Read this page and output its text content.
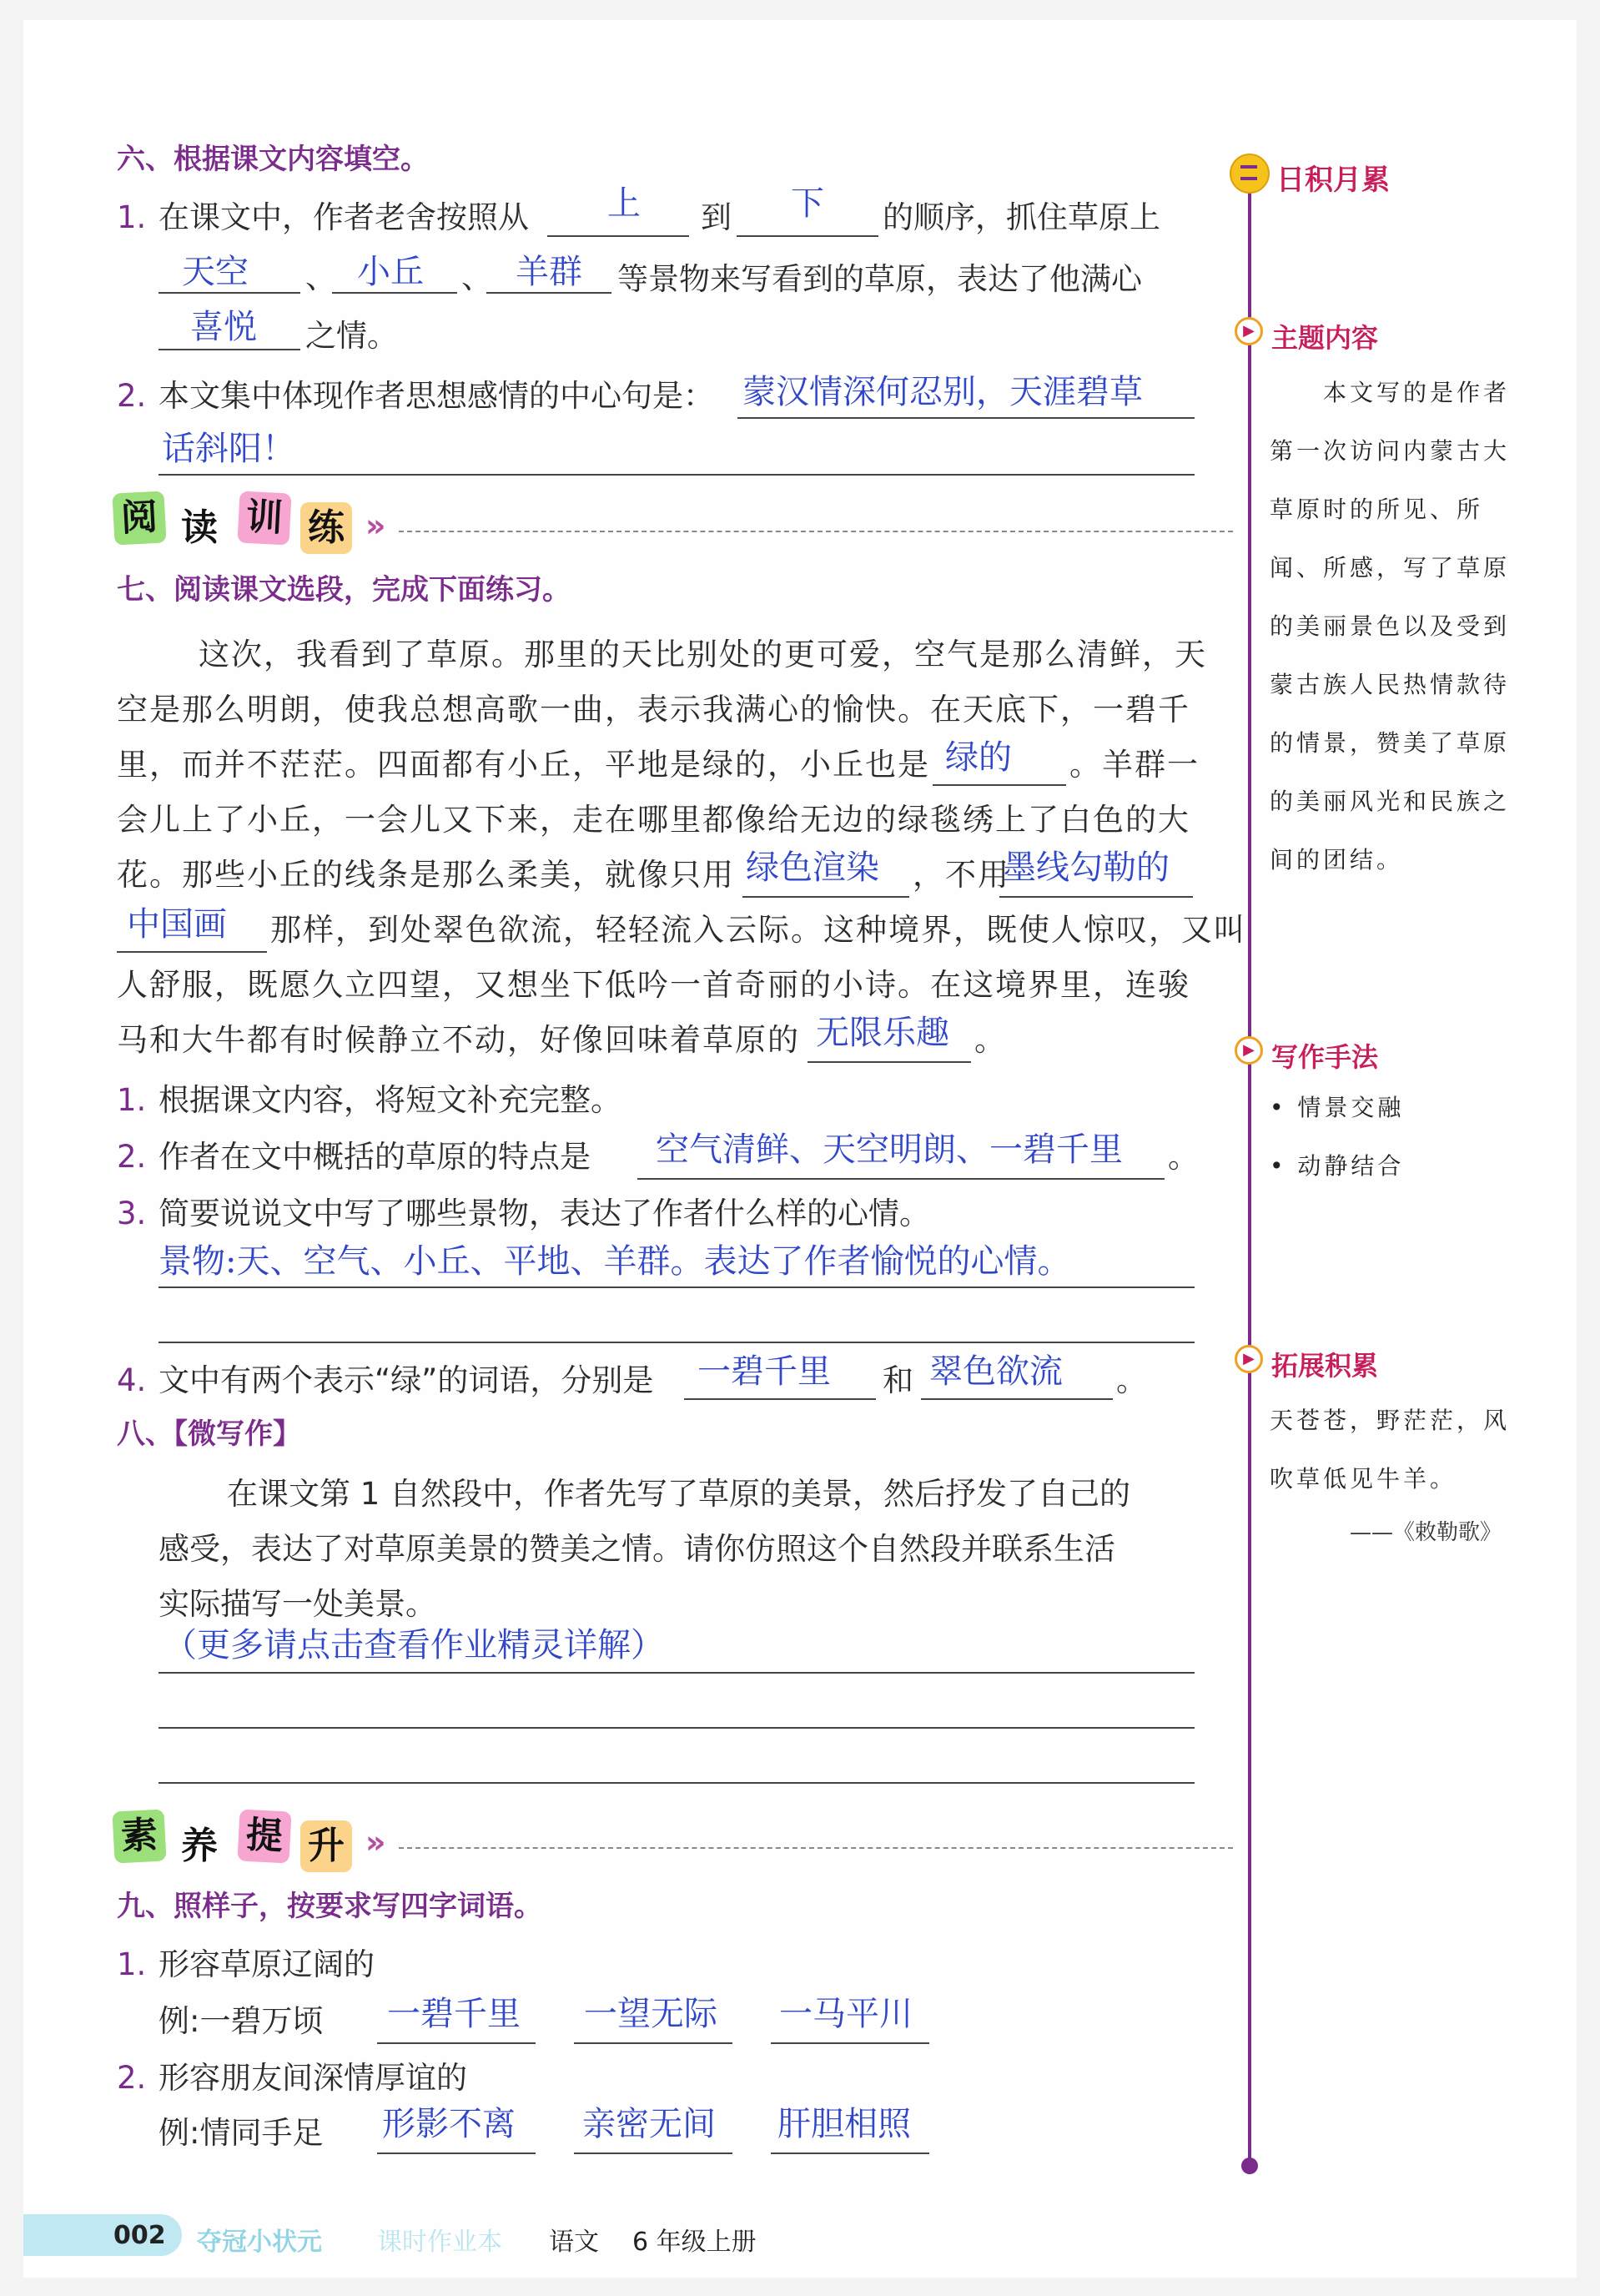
六、根据课文内容填空。
1. 在课文中，作者老舍按照从 上 到 下 的顺序，抓住草原上
天空 、 小丘 、 羊群 等景物来写看到的草原，表达了他满心
喜悦 之情。
2. 本文集中体现作者思想感情的中心句是： 蒙汉情深何忍别，天涯碧草
话斜阳！
阅 读 训 练 »
七、阅读课文选段，完成下面练习。
这次，我看到了草原。那里的天比别处的更可爱，空气是那么清鲜，天
空是那么明朗，使我总想高歌一曲，表示我满心的愉快。在天底下，一碧千
里，而并不茫茫。四面都有小丘，平地是绿的，小丘也是 绿的 。羊群一
会儿上了小丘，一会儿又下来，走在哪里都像给无边的绿毯绣上了白色的大
花。那些小丘的线条是那么柔美，就像只用 绿色渲染 ，不用
墨线勾勒的
中国画 那样，到处翠色欲流，轻轻流入云际。这种境界，既使人惊叹，又叫
人舒服，既愿久立四望，又想坐下低吟一首奇丽的小诗。在这境界里，连骏
马和大牛都有时候静立不动，好像回味着草原的 无限乐趣 。
1. 根据课文内容，将短文补充完整。
2. 作者在文中概括的草原的特点是 空气清鲜、天空明朗、一碧千里 。
3. 简要说说文中写了哪些景物，表达了作者什么样的心情。
景物:天、空气、小丘、平地、羊群。表达了作者愉悦的心情。
4. 文中有两个表示“绿”的词语，分别是 一碧千里 和 翠色欲流 。
八、【微写作】
在课文第 1 自然段中，作者先写了草原的美景，然后抒发了自己的
感受，表达了对草原美景的赞美之情。请你仿照这个自然段并联系生活
实际描写一处美景。
（更多请点击查看作业精灵详解）
素 养 提 升 »
九、照样子，按要求写四字词语。
1. 形容草原辽阔的
例:一碧万顷 一碧千里 一望无际 一马平川
2. 形容朋友间深情厚谊的
例:情同手足 形影不离 亲密无间 肝胆相照
日积月累
▶ 主题内容
本文写的是作者第一次访问内蒙古大草原时的所见、所闻、所感，写了草原的美丽景色以及受到蒙古族人民热情款待的情景，赞美了草原的美丽风光和民族之间的团结。
▶ 写作手法
• 情景交融
• 动静结合
▶ 拓展积累
天苍苍，野茫茫，风吹草低见牛羊。
——《敕勒歌》
002 夺冠小状元 课时作业本 语文 6 年级上册
